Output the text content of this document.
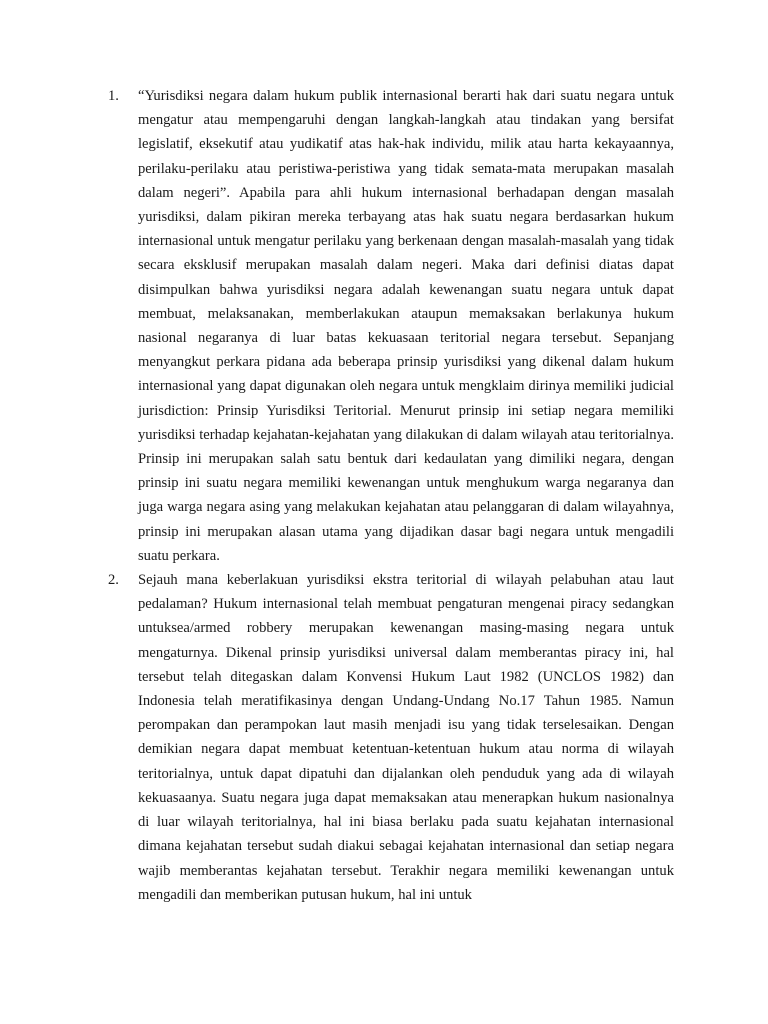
1. “Yurisdiksi negara dalam hukum publik internasional berarti hak dari suatu negara untuk mengatur atau mempengaruhi dengan langkah-langkah atau tindakan yang bersifat legislatif, eksekutif atau yudikatif atas hak-hak individu, milik atau harta kekayaannya, perilaku-perilaku atau peristiwa-peristiwa yang tidak semata-mata merupakan masalah dalam negeri”. Apabila para ahli hukum internasional berhadapan dengan masalah yurisdiksi, dalam pikiran mereka terbayang atas hak suatu negara berdasarkan hukum internasional untuk mengatur perilaku yang berkenaan dengan masalah-masalah yang tidak secara eksklusif merupakan masalah dalam negeri. Maka dari definisi diatas dapat disimpulkan bahwa yurisdiksi negara adalah kewenangan suatu negara untuk dapat membuat, melaksanakan, memberlakukan ataupun memaksakan berlakunya hukum nasional negaranya di luar batas kekuasaan teritorial negara tersebut. Sepanjang menyangkut perkara pidana ada beberapa prinsip yurisdiksi yang dikenal dalam hukum internasional yang dapat digunakan oleh negara untuk mengklaim dirinya memiliki judicial jurisdiction: Prinsip Yurisdiksi Teritorial. Menurut prinsip ini setiap negara memiliki yurisdiksi terhadap kejahatan-kejahatan yang dilakukan di dalam wilayah atau teritorialnya. Prinsip ini merupakan salah satu bentuk dari kedaulatan yang dimiliki negara, dengan prinsip ini suatu negara memiliki kewenangan untuk menghukum warga negaranya dan juga warga negara asing yang melakukan kejahatan atau pelanggaran di dalam wilayahnya, prinsip ini merupakan alasan utama yang dijadikan dasar bagi negara untuk mengadili suatu perkara.

2. Sejauh mana keberlakuan yurisdiksi ekstra teritorial di wilayah pelabuhan atau laut pedalaman? Hukum internasional telah membuat pengaturan mengenai piracy sedangkan untuksea/armed robbery merupakan kewenangan masing-masing negara untuk mengaturnya. Dikenal prinsip yurisdiksi universal dalam memberantas piracy ini, hal tersebut telah ditegaskan dalam Konvensi Hukum Laut 1982 (UNCLOS 1982) dan Indonesia telah meratifikasinya dengan Undang-Undang No.17 Tahun 1985. Namun perompakan dan perampokan laut masih menjadi isu yang tidak terselesaikan. Dengan demikian negara dapat membuat ketentuan-ketentuan hukum atau norma di wilayah teritorialnya, untuk dapat dipatuhi dan dijalankan oleh penduduk yang ada di wilayah kekuasaanya. Suatu negara juga dapat memaksakan atau menerapkan hukum nasionalnya di luar wilayah teritorialnya, hal ini biasa berlaku pada suatu kejahatan internasional dimana kejahatan tersebut sudah diakui sebagai kejahatan internasional dan setiap negara wajib memberantas kejahatan tersebut. Terakhir negara memiliki kewenangan untuk mengadili dan memberikan putusan hukum, hal ini untuk
